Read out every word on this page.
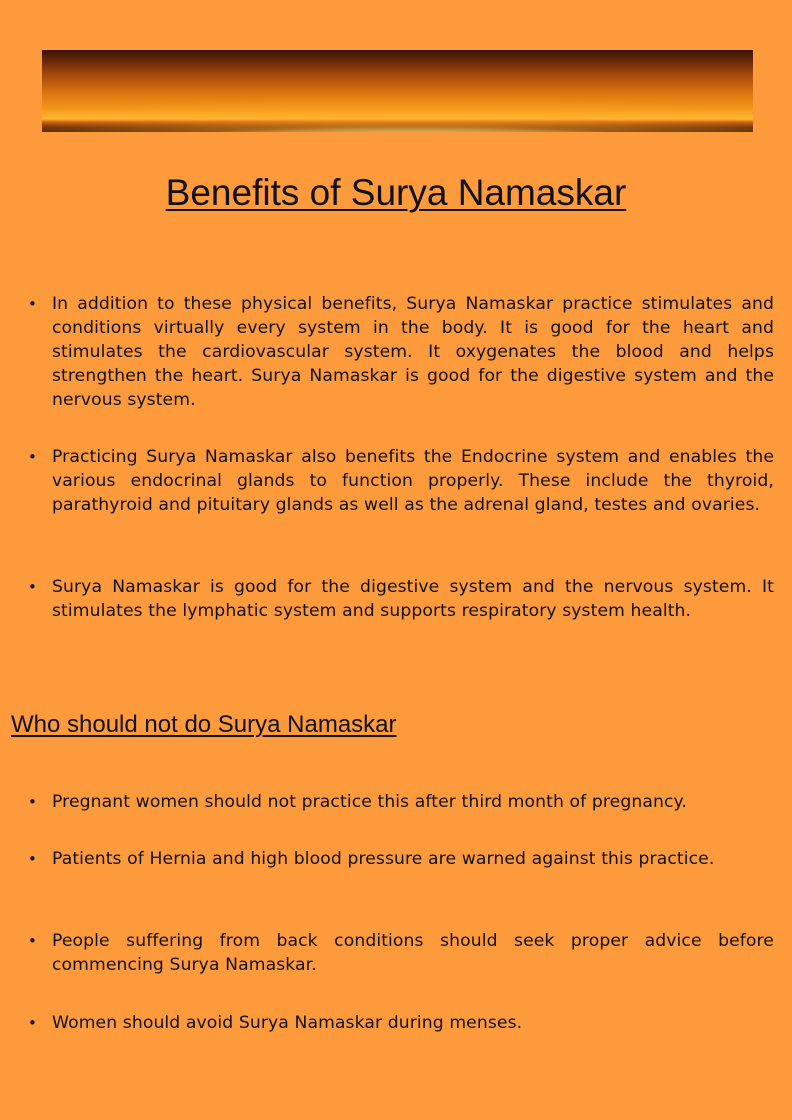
Benefits of Surya Namaskar
• In addition to these physical benefits, Surya Namaskar practice stimulates and conditions virtually every system in the body. It is good for the heart and stimulates the cardiovascular system. It oxygenates the blood and helps strengthen the heart. Surya Namaskar is good for the digestive system and the nervous system.

• Practicing Surya Namaskar also benefits the Endocrine system and enables the various endocrinal glands to function properly. These include the thyroid, parathyroid and pituitary glands as well as the adrenal gland, testes and ovaries.

• Surya Namaskar is good for the digestive system and the nervous system. It stimulates the lymphatic system and supports respiratory system health.

Who should not do Surya Namaskar
• Pregnant women should not practice this after third month of pregnancy.

• Patients of Hernia and high blood pressure are warned against this practice.

• People suffering from back conditions should seek proper advice before commencing Surya Namaskar.

• Women should avoid Surya Namaskar during menses.
